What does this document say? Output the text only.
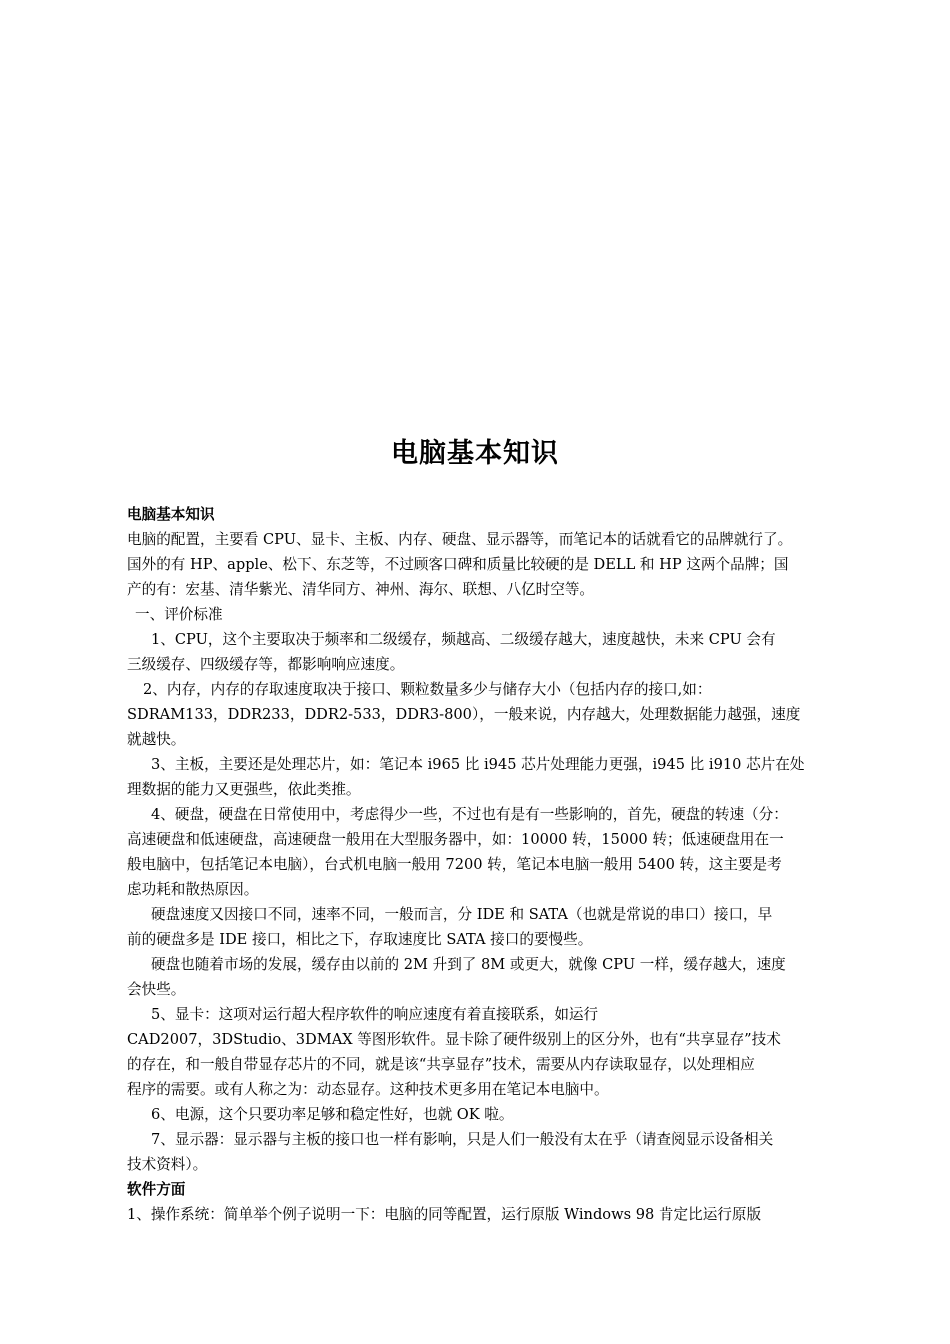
电脑基本知识
电脑基本知识
电脑的配置，主要看 CPU、显卡、主板、内存、硬盘、显示器等，而笔记本的话就看它的品牌就行了。
国外的有 HP、apple、松下、东芝等，不过顾客口碑和质量比较硬的是 DELL 和 HP 这两个品牌；国
产的有：宏基、清华紫光、清华同方、神州、海尔、联想、八亿时空等。
一、评价标准
1、CPU，这个主要取决于频率和二级缓存，频越高、二级缓存越大，速度越快，未来 CPU 会有
三级缓存、四级缓存等，都影响响应速度。
2、内存，内存的存取速度取决于接口、颗粒数量多少与储存大小（包括内存的接口,如：
SDRAM133，DDR233，DDR2-533，DDR3-800），一般来说，内存越大，处理数据能力越强，速度
就越快。
3、主板，主要还是处理芯片，如：笔记本 i965 比 i945 芯片处理能力更强，i945 比 i910 芯片在处
理数据的能力又更强些，依此类推。
4、硬盘，硬盘在日常使用中，考虑得少一些，不过也有是有一些影响的，首先，硬盘的转速（分：
高速硬盘和低速硬盘，高速硬盘一般用在大型服务器中，如：10000 转，15000 转；低速硬盘用在一
般电脑中，包括笔记本电脑），台式机电脑一般用 7200 转，笔记本电脑一般用 5400 转，这主要是考
虑功耗和散热原因。
硬盘速度又因接口不同，速率不同，一般而言，分 IDE 和 SATA（也就是常说的串口）接口，早
前的硬盘多是 IDE 接口，相比之下，存取速度比 SATA 接口的要慢些。
硬盘也随着市场的发展，缓存由以前的 2M 升到了 8M 或更大，就像 CPU 一样，缓存越大，速度
会快些。
5、显卡：这项对运行超大程序软件的响应速度有着直接联系，如运行
CAD2007，3DStudio、3DMAX 等图形软件。显卡除了硬件级别上的区分外，也有“共享显存”技术
的存在，和一般自带显存芯片的不同，就是该“共享显存”技术，需要从内存读取显存，以处理相应
程序的需要。或有人称之为：动态显存。这种技术更多用在笔记本电脑中。
6、电源，这个只要功率足够和稳定性好，也就 OK 啦。
7、显示器：显示器与主板的接口也一样有影响，只是人们一般没有太在乎（请查阅显示设备相关
技术资料）。
软件方面
1、操作系统：简单举个例子说明一下：电脑的同等配置，运行原版 Windows 98 肯定比运行原版
